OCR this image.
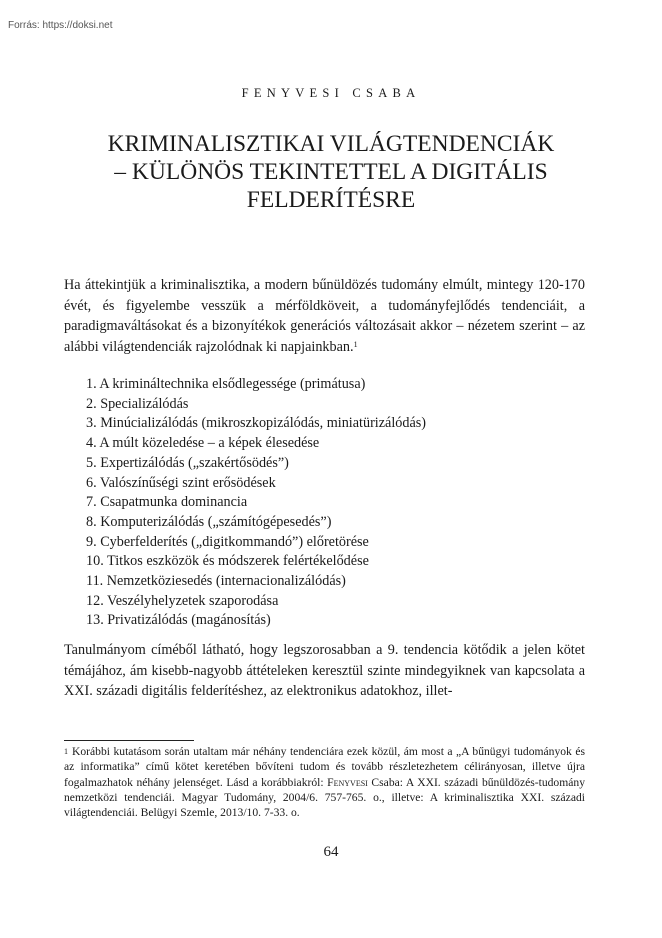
Forrás: https://doksi.net
FENYVESI CSABA
KRIMINALISZTIKAI VILÁGTENDENCIÁK
– KÜLÖNÖS TEKINTETTEL A DIGITÁLIS
FELDERÍTÉSRE

Ha áttekintjük a kriminalisztika, a modern bűnüldözés tudomány elmúlt, mintegy 120-170 évét, és figyelembe vesszük a mérföldköveit, a tudományfejlődés tendenciáit, a paradigmaváltásokat és a bizonyítékok generációs változásait akkor – nézetem szerint – az alábbi világtendenciák rajzolódnak ki napjainkban.$^1$

1. A krimináltechnika elsődlegessége (primátusa)
2. Specializálódás
3. Minúcializálódás (mikroszkopizálódás, miniatürizálódás)
4. A múlt közeledése – a képek élesedése
5. Expertizálódás („szakértősödés”)
6. Valószínűségi szint erősödések
7. Csapatmunka dominancia
8. Komputerizálódás („számítógépesedés”)
9. Cyberfelderítés („digitkommandó”) előretörése
10. Titkos eszközök és módszerek felértékelődése
11. Nemzetköziesedés (internacionalizálódás)
12. Veszélyhelyzetek szaporodása
13. Privatizálódás (magánosítás)

Tanulmányom címéből látható, hogy legszorosabban a 9. tendencia kötődik a jelen kötet témájához, ám kisebb-nagyobb áttételeken keresztül szinte mindegyiknek van kapcsolata a XXI. századi digitális felderítéshez, az elektronikus adatokhoz, illet-

$^1$ Korábbi kutatásom során utaltam már néhány tendenciára ezek közül, ám most a „A bűnügyi tudományok és az informatika” című kötet keretében bővíteni tudom és tovább részletezhetem célirányosan, illetve újra fogalmazhatok néhány jelenséget. Lásd a korábbiakról: Fenyvesi Csaba: A XXI. századi bűnüldözés-tudomány nemzetközi tendenciái. Magyar Tudomány, 2004/6. 757-765. o., illetve: A kriminalisztika XXI. századi világtendenciái. Belügyi Szemle, 2013/10. 7-33. o.

64
